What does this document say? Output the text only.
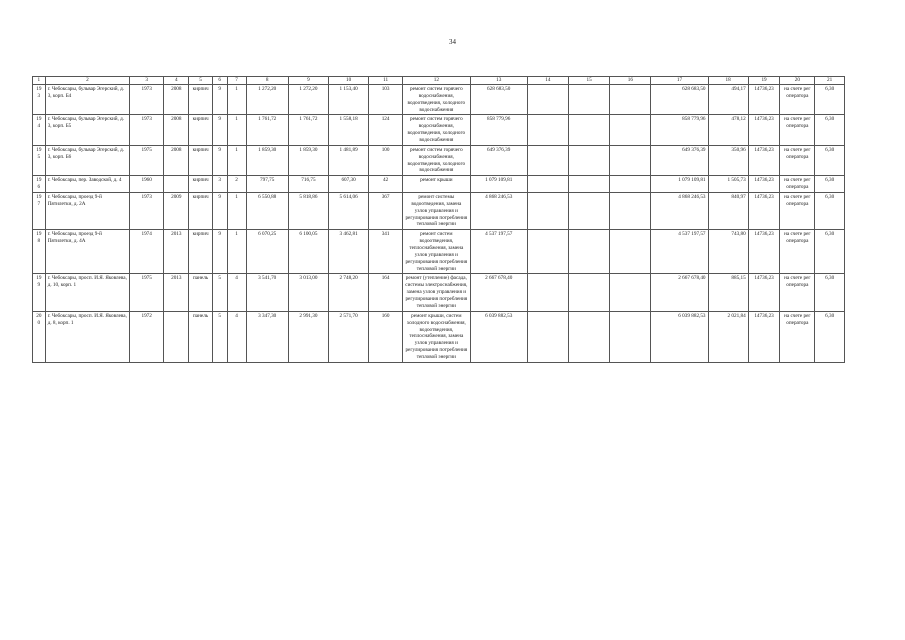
34
1	2	3	4	5	6	7	8	9	10	11	12	13	14	15	16	17	18	19	20	21
193	г. Чебоксары, бульвар Эгерский, д. 3, корп. Б4	1973	2008	кирпич	9	1	1 272,20	1 272,20	1 153,40	103	ремонт систем горячего водоснабжения, водоотведения, холодного водоснабжения	628 683,50				628 683,50	494,17	14736,23	на счете рег оператора	6,30
194	г. Чебоксары, бульвар Эгерский, д. 3, корп. Б5	1973	2008	кирпич	9	1	1 761,72	1 761,72	1 558,18	124	ремонт систем горячего водоснабжения, водоотведения, холодного водоснабжения	858 779,96				858 779,96	478,12	14736,23	на счете рег оператора	6,30
195	г. Чебоксары, бульвар Эгерский, д. 3, корп. Б6	1975	2008	кирпич	9	1	1 859,30	1 859,30	1 481,89	100	ремонт систем горячего водоснабжения, водоотведения, холодного водоснабжения	649 376,39				649 376,39	350,96	14736,23	на счете рег оператора	6,30
196	г. Чебоксары, пер. Заводской, д. 4	1960		кирпич	3	2	797,75	716,75	607,30	42	ремонт крыши	1 079 109,81				1 079 109,81	1 505,73	14736,23	на счете рег оператора	6,30
197	г. Чебоксары, проезд 9-й Пятилетки, д. 2А	1973	2009	кирпич	9	1	6 550,88	5 818,86	5 614,06	367	ремонт системы водоотведения, замена узлов управления и регулирования потребления тепловой энергии	4 868 246,53				4 868 246,53	840,97	14736,23	на счете рег оператора	6,30
198	г. Чебоксары, проезд 9-й Пятилетки, д. 4А	1974	2013	кирпич	9	1	6 070,25	6 100,05	3 462,81	341	ремонт систем водоотведения, теплоснабжения, замена узлов управления и регулирования потребления тепловой энергии	4 537 197,57				4 537 197,57	743,80	14736,23	на счете рег оператора	6,30
199	г. Чебоксары, просп. И.Я. Яковлева, д. 10, корп. 1	1975	2013	панель	5	4	3 541,70	3 013,00	2 748,20	164	ремонт (утепление) фасада, системы электроснабжения, замена узлов управления и регулирования потребления тепловой энергии	2 667 678,40				2 667 678,40	885,15	14736,23	на счете рег оператора	6,30
200	г. Чебоксары, просп. И.Я. Яковлева, д. 8, корп. 1	1972		панель	5	4	3 347,30	2 991,30	2 571,70	160	ремонт крыши, систем холодного водоснабжения, водоотведения, теплоснабжения, замена узлов управления и регулирования потребления тепловой энергии	6 039 882,53				6 039 882,53	2 021,84	14736,23	на счете рег оператора	6,30
